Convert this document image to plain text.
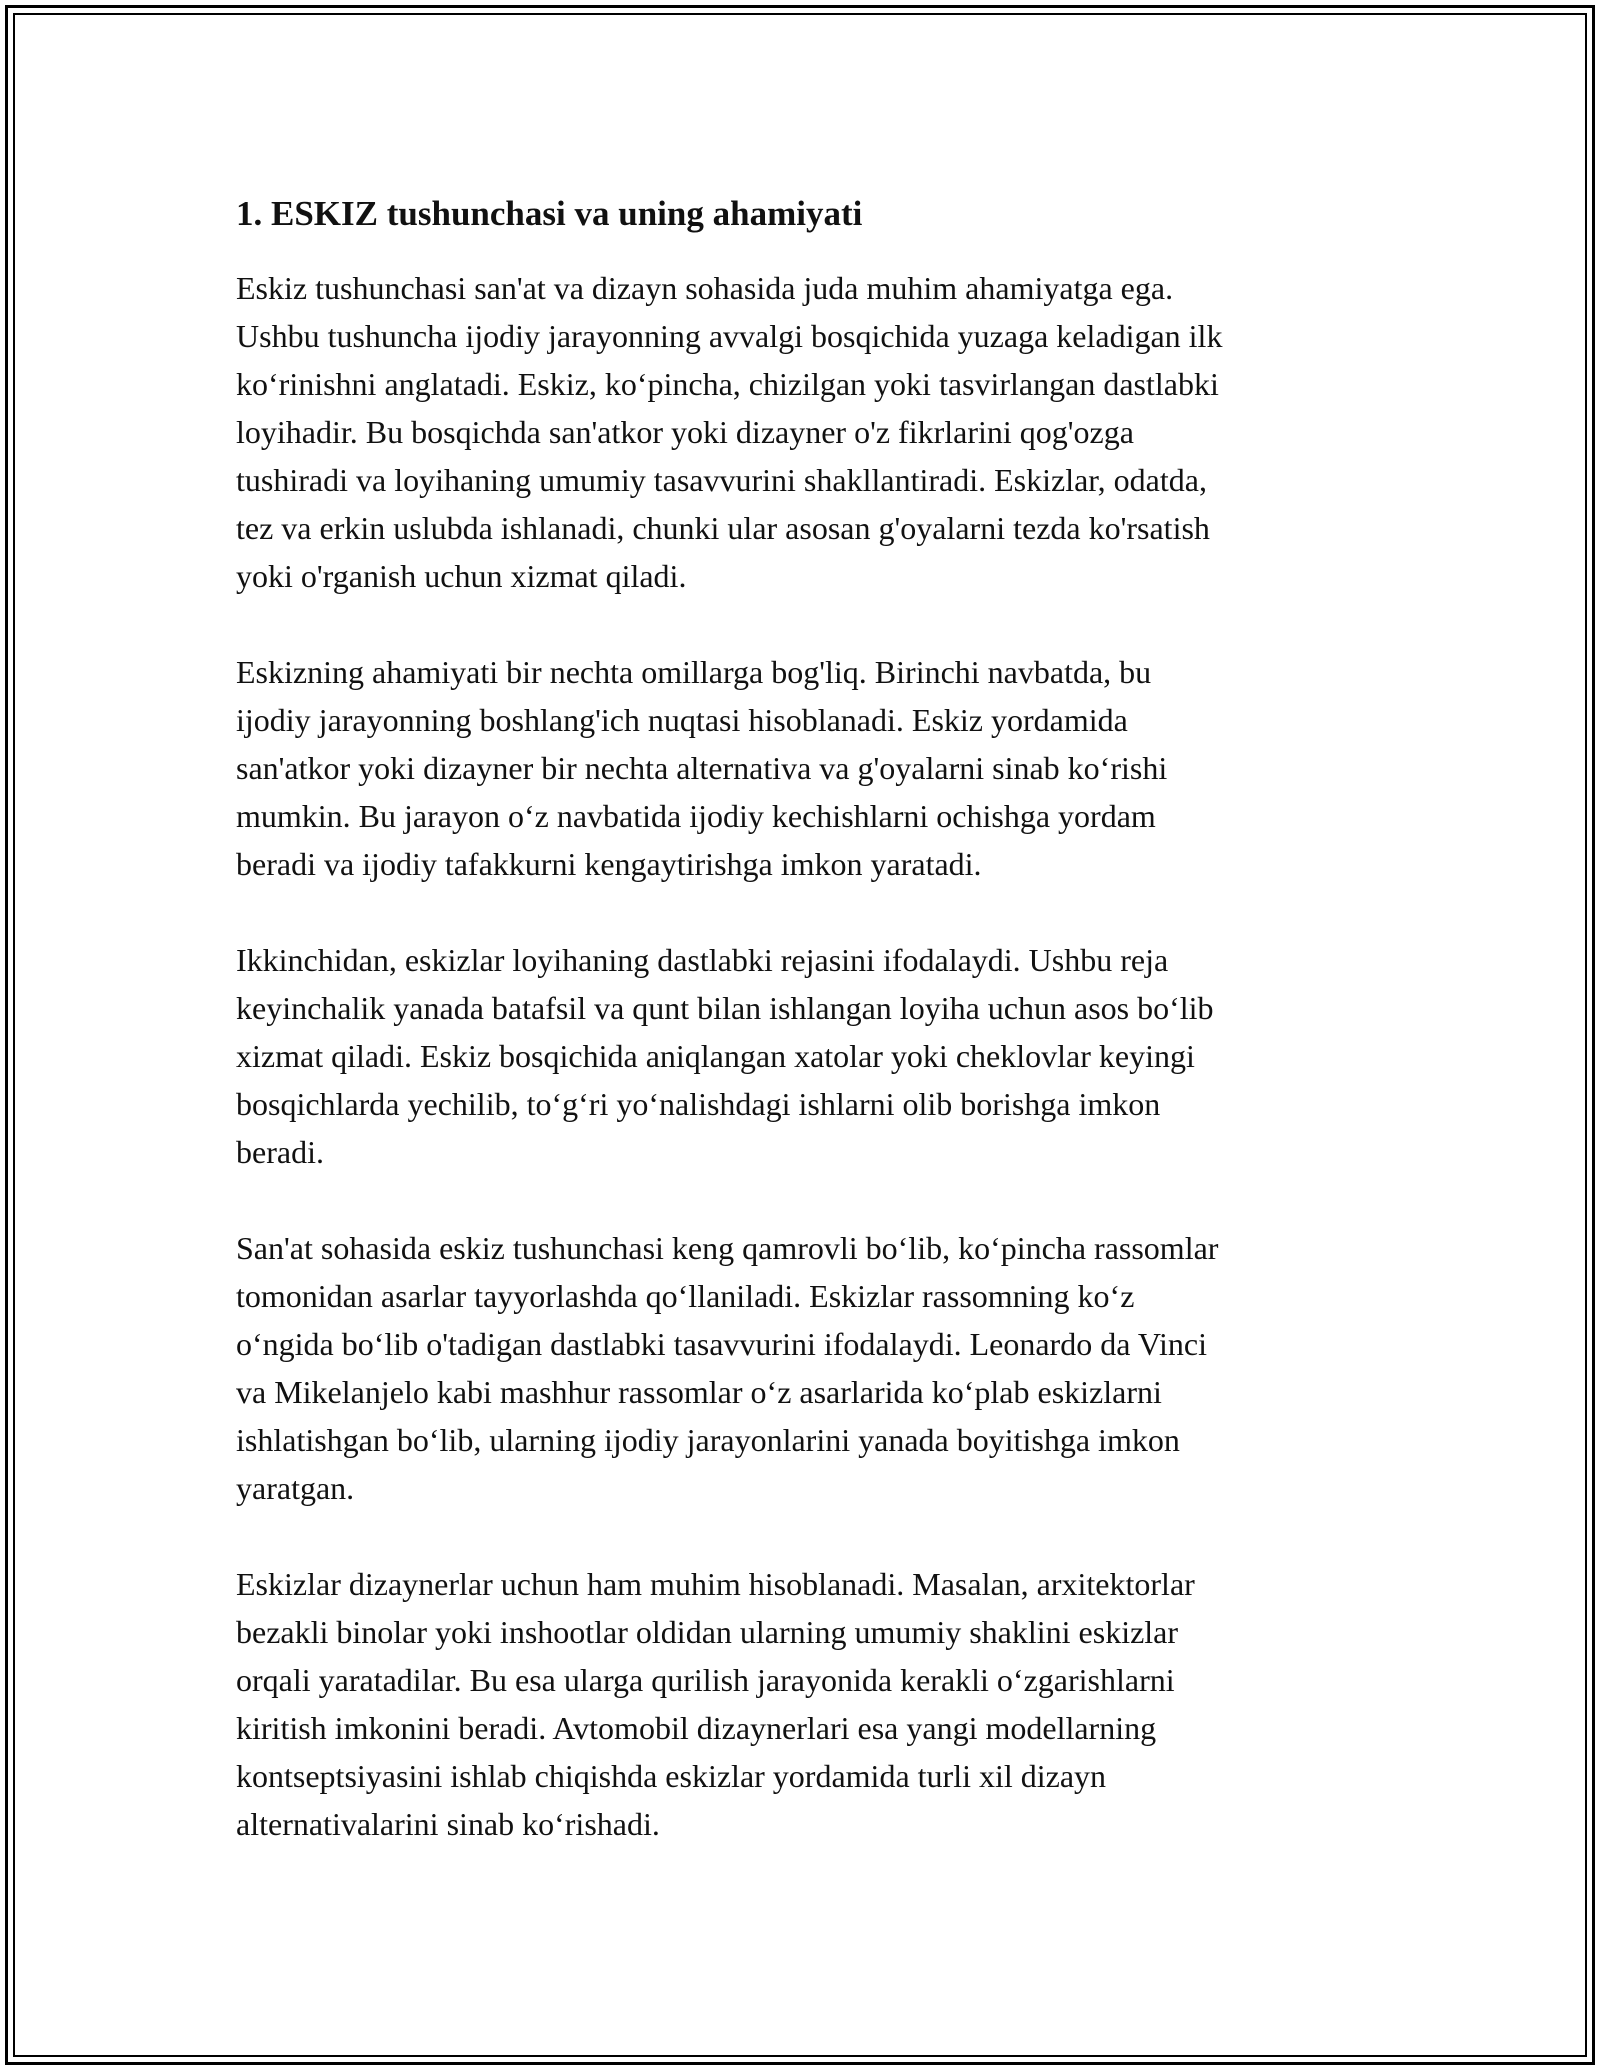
1. ESKIZ tushunchasi va uning ahamiyati

Eskiz tushunchasi san'at va dizayn sohasida juda muhim ahamiyatga ega.
Ushbu tushuncha ijodiy jarayonning avvalgi bosqichida yuzaga keladigan ilk
ko‘rinishni anglatadi. Eskiz, ko‘pincha, chizilgan yoki tasvirlangan dastlabki
loyihadir. Bu bosqichda san'atkor yoki dizayner o'z fikrlarini qog'ozga
tushiradi va loyihaning umumiy tasavvurini shakllantiradi. Eskizlar, odatda,
tez va erkin uslubda ishlanadi, chunki ular asosan g'oyalarni tezda ko'rsatish
yoki o'rganish uchun xizmat qiladi.

Eskizning ahamiyati bir nechta omillarga bog'liq. Birinchi navbatda, bu
ijodiy jarayonning boshlang'ich nuqtasi hisoblanadi. Eskiz yordamida
san'atkor yoki dizayner bir nechta alternativa va g'oyalarni sinab ko‘rishi
mumkin. Bu jarayon o‘z navbatida ijodiy kechishlarni ochishga yordam
beradi va ijodiy tafakkurni kengaytirishga imkon yaratadi.

Ikkinchidan, eskizlar loyihaning dastlabki rejasini ifodalaydi. Ushbu reja
keyinchalik yanada batafsil va qunt bilan ishlangan loyiha uchun asos bo‘lib
xizmat qiladi. Eskiz bosqichida aniqlangan xatolar yoki cheklovlar keyingi
bosqichlarda yechilib, to‘g‘ri yo‘nalishdagi ishlarni olib borishga imkon
beradi.

San'at sohasida eskiz tushunchasi keng qamrovli bo‘lib, ko‘pincha rassomlar
tomonidan asarlar tayyorlashda qo‘llaniladi. Eskizlar rassomning ko‘z
o‘ngida bo‘lib o'tadigan dastlabki tasavvurini ifodalaydi. Leonardo da Vinci
va Mikelanjelo kabi mashhur rassomlar o‘z asarlarida ko‘plab eskizlarni
ishlatishgan bo‘lib, ularning ijodiy jarayonlarini yanada boyitishga imkon
yaratgan.

Eskizlar dizaynerlar uchun ham muhim hisoblanadi. Masalan, arxitektorlar
bezakli binolar yoki inshootlar oldidan ularning umumiy shaklini eskizlar
orqali yaratadilar. Bu esa ularga qurilish jarayonida kerakli o‘zgarishlarni
kiritish imkonini beradi. Avtomobil dizaynerlari esa yangi modellarning
kontseptsiyasini ishlab chiqishda eskizlar yordamida turli xil dizayn
alternativalarini sinab ko‘rishadi.
